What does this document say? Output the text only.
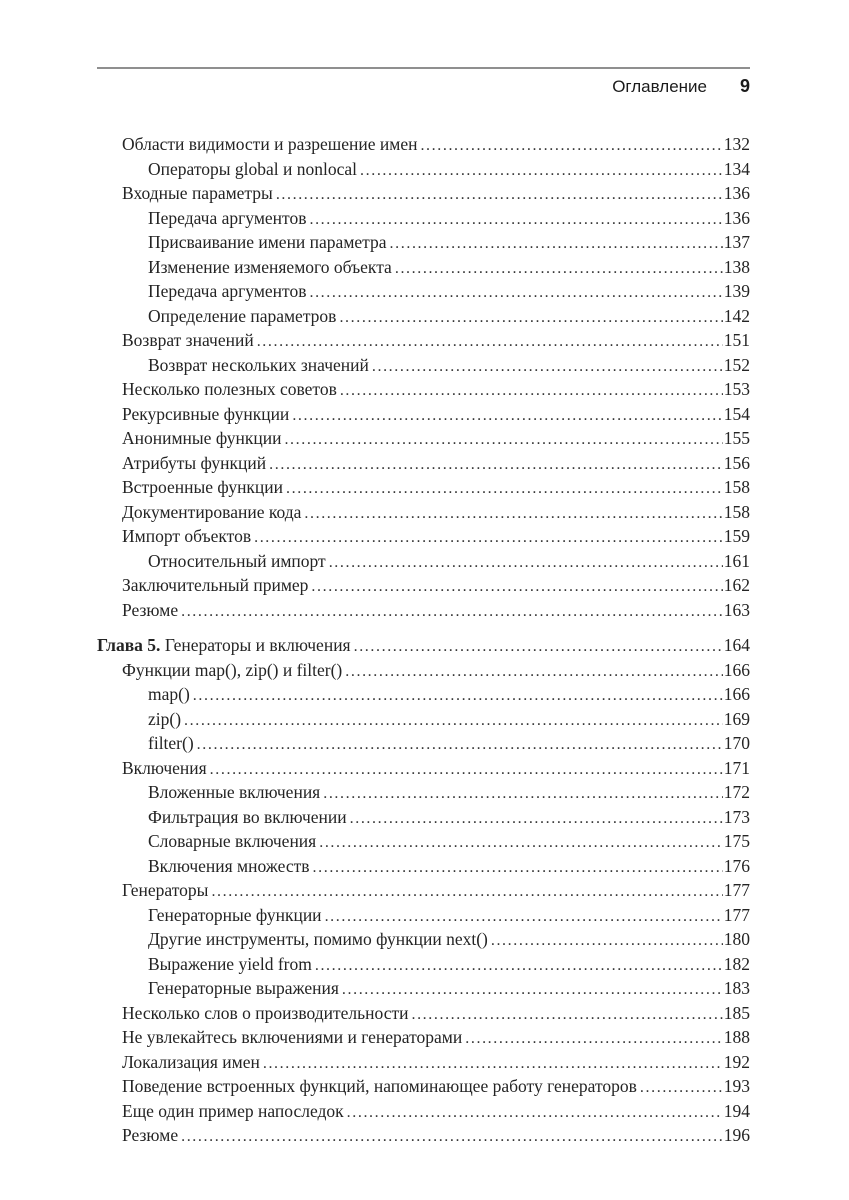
Оглавление 9
Области видимости и разрешение имен .....	132
Операторы global и nonlocal .....	134
Входные параметры .....	136
Передача аргументов .....	136
Присваивание имени параметра .....	137
Изменение изменяемого объекта .....	138
Передача аргументов .....	139
Определение параметров .....	142
Возврат значений .....	151
Возврат нескольких значений .....	152
Несколько полезных советов .....	153
Рекурсивные функции .....	154
Анонимные функции .....	155
Атрибуты функций .....	156
Встроенные функции .....	158
Документирование кода .....	158
Импорт объектов .....	159
Относительный импорт .....	161
Заключительный пример .....	162
Резюме .....	163
Глава 5. Генераторы и включения .....	164
Функции map(), zip() и filter() .....	166
map() .....	166
zip() .....	169
filter() .....	170
Включения .....	171
Вложенные включения .....	172
Фильтрация во включении .....	173
Словарные включения .....	175
Включения множеств .....	176
Генераторы .....	177
Генераторные функции .....	177
Другие инструменты, помимо функции next() .....	180
Выражение yield from .....	182
Генераторные выражения .....	183
Несколько слов о производительности .....	185
Не увлекайтесь включениями и генераторами .....	188
Локализация имен .....	192
Поведение встроенных функций, напоминающее работу генераторов .....	193
Еще один пример напоследок .....	194
Резюме .....	196
